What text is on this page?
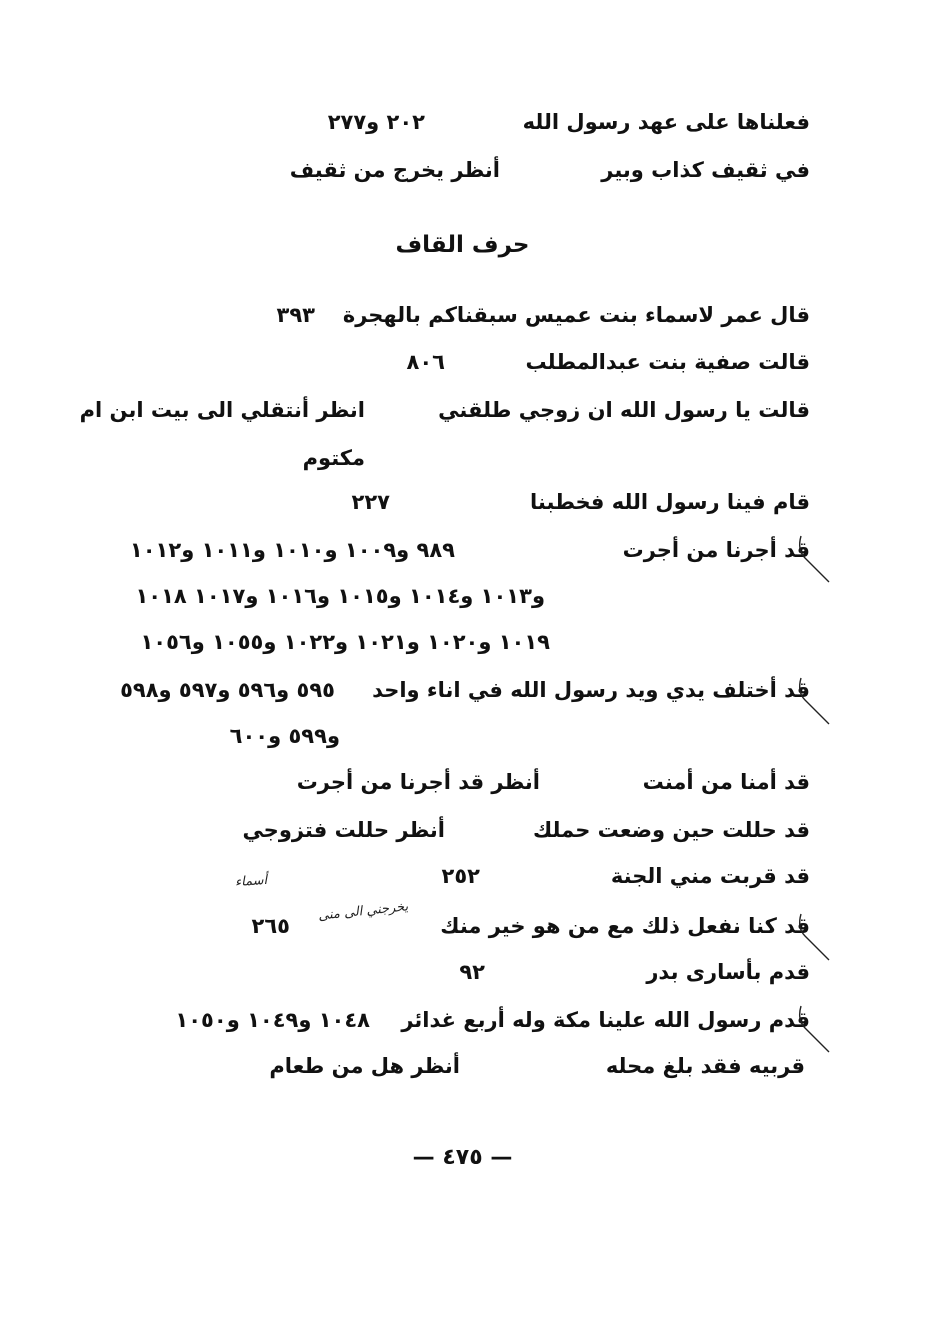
فعلناها على عهد رسول الله
٢٠٢ و٢٧٧
في ثقيف كذاب وبير
أنظر يخرج من ثقيف
حرف القاف
قال عمر لاسماء بنت عميس سبقناكم بالهجرة
٣٩٣
قالت صفية بنت عبدالمطلب
٨٠٦
قالت يا رسول الله ان زوجي طلقني
انظر أنتقلي الى بيت ابن ام
مكتوم
قام فينا رسول الله فخطبنا
٢٢٧
قد أجرنا من أجرت
٩٨٩ و١٠٠٩ و١٠١٠ و١٠١١ و١٠١٢
و١٠١٣ و١٠١٤ و١٠١٥ و١٠١٦ و١٠١٧ ١٠١٨
١٠١٩ و١٠٢٠ و١٠٢١ و١٠٢٢ و١٠٥٥ و١٠٥٦
قد أختلف يدي ويد رسول الله في اناء واحد
٥٩٥ و٥٩٦ و٥٩٧ و٥٩٨
و٥٩٩ و٦٠٠
قد أمنا من أمنت
أنظر قد أجرنا من أجرت
قد حللت حين وضعت حملك
أنظر حللت فتزوجي
قد قربت مني الجنة
٢٥٢
قد كنا نفعل ذلك مع من هو خير منك
٢٦٥
قدم بأسارى بدر
٩٢
قدم رسول الله علينا مكة وله أربع غدائر
١٠٤٨ و١٠٤٩ و١٠٥٠
قربيه فقد بلغ محله
أنظر هل من طعام
أسماء
يخرجني الى منى
— ٤٧٥ —
